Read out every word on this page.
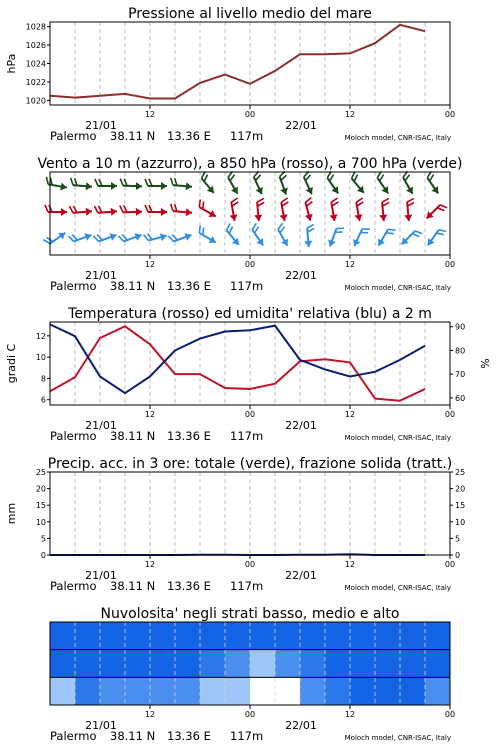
Pressione al livello medio del mare
1020
1022
1024
1026
1028
hPa
12	00	12	00
21/01	22/01
Palermo 38.11 N 13.36 E 117m	Moloch model, CNR-ISAC, Italy
Vento a 10 m (azzurro), a 850 hPa (rosso), a 700 hPa (verde)
12	00	12	00
21/01	22/01
Palermo 38.11 N 13.36 E 117m	Moloch model, CNR-ISAC, Italy
Temperatura (rosso) ed umidita' relativa (blu) a 2 m
6
8
10
12
60
70
80
90
gradi C	%
12	00	12	00
21/01	22/01
Palermo 38.11 N 13.36 E 117m	Moloch model, CNR-ISAC, Italy
Precip. acc. in 3 ore: totale (verde), frazione solida (tratt.)
0
5
10
15
20
25
0
5
10
15
20
25
mm
12	00	12	00
21/01	22/01
Palermo 38.11 N 13.36 E 117m	Moloch model, CNR-ISAC, Italy
Nuvolosita' negli strati basso, medio e alto
12	00	12	00
21/01	22/01
Palermo 38.11 N 13.36 E 117m	Moloch model, CNR-ISAC, Italy
